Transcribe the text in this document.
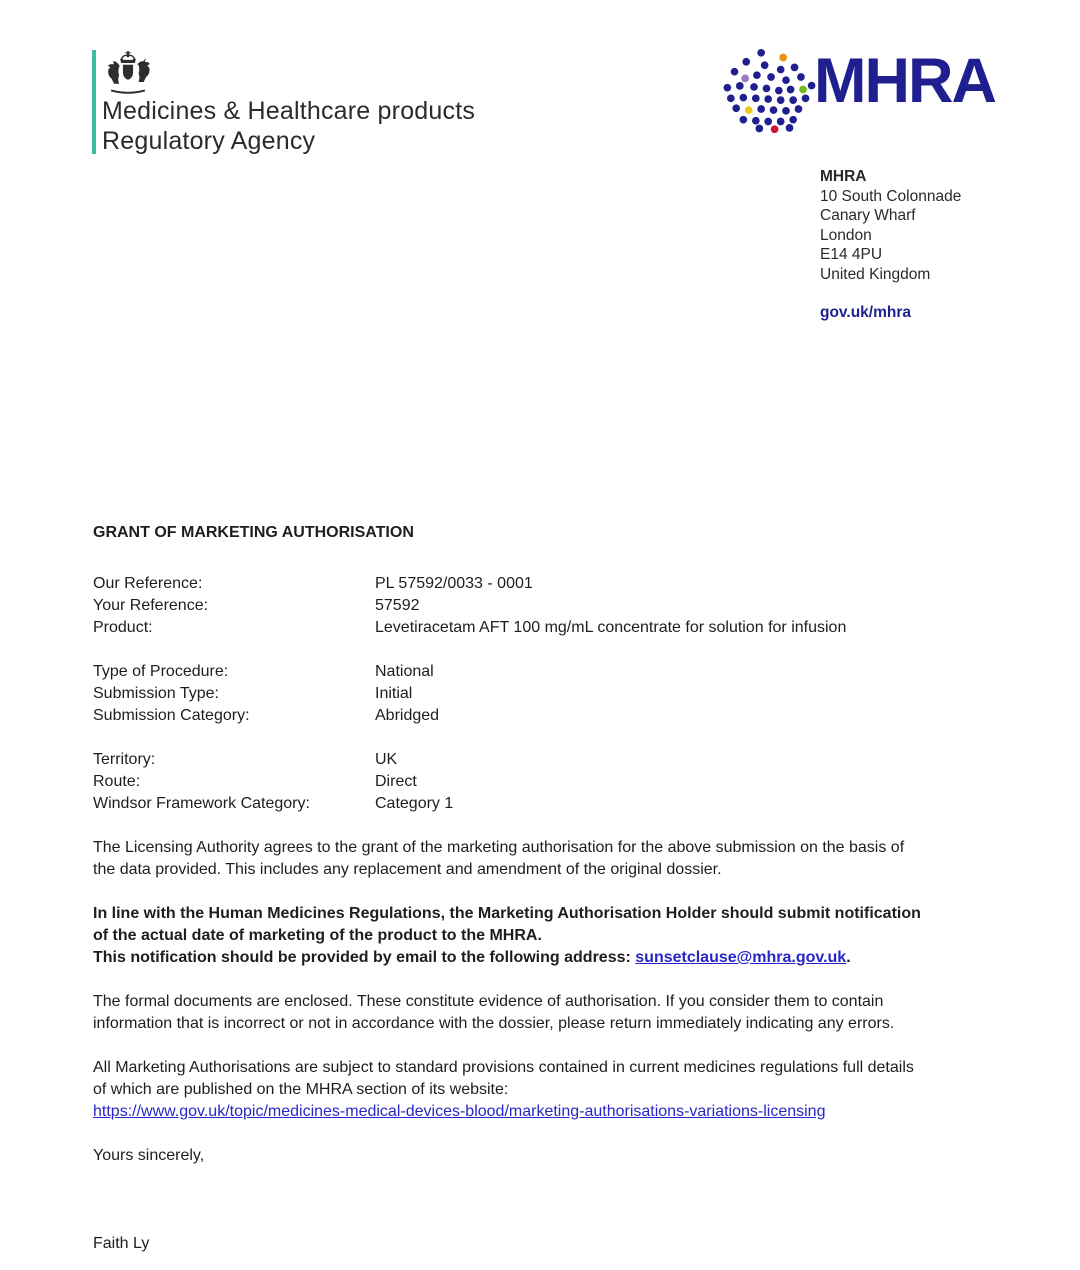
Medicines & Healthcare products
Regulatory Agency
MHRA
MHRA
10 South Colonnade
Canary Wharf
London
E14 4PU
United Kingdom
gov.uk/mhra

GRANT OF MARKETING AUTHORISATION

Our Reference:	PL 57592/0033 - 0001
Your Reference:	57592
Product:	Levetiracetam AFT 100 mg/mL concentrate for solution for infusion
Type of Procedure:	National
Submission Type:	Initial
Submission Category:	Abridged
Territory:	UK
Route:	Direct
Windsor Framework Category:	Category 1
The Licensing Authority agrees to the grant of the marketing authorisation for the above submission on the basis of
the data provided. This includes any replacement and amendment of the original dossier.
In line with the Human Medicines Regulations, the Marketing Authorisation Holder should submit notification
of the actual date of marketing of the product to the MHRA.
This notification should be provided by email to the following address: sunsetclause@mhra.gov.uk.
The formal documents are enclosed. These constitute evidence of authorisation. If you consider them to contain
information that is incorrect or not in accordance with the dossier, please return immediately indicating any errors.
All Marketing Authorisations are subject to standard provisions contained in current medicines regulations full details
of which are published on the MHRA section of its website:
https://www.gov.uk/topic/medicines-medical-devices-blood/marketing-authorisations-variations-licensing
Yours sincerely,
Faith Ly
